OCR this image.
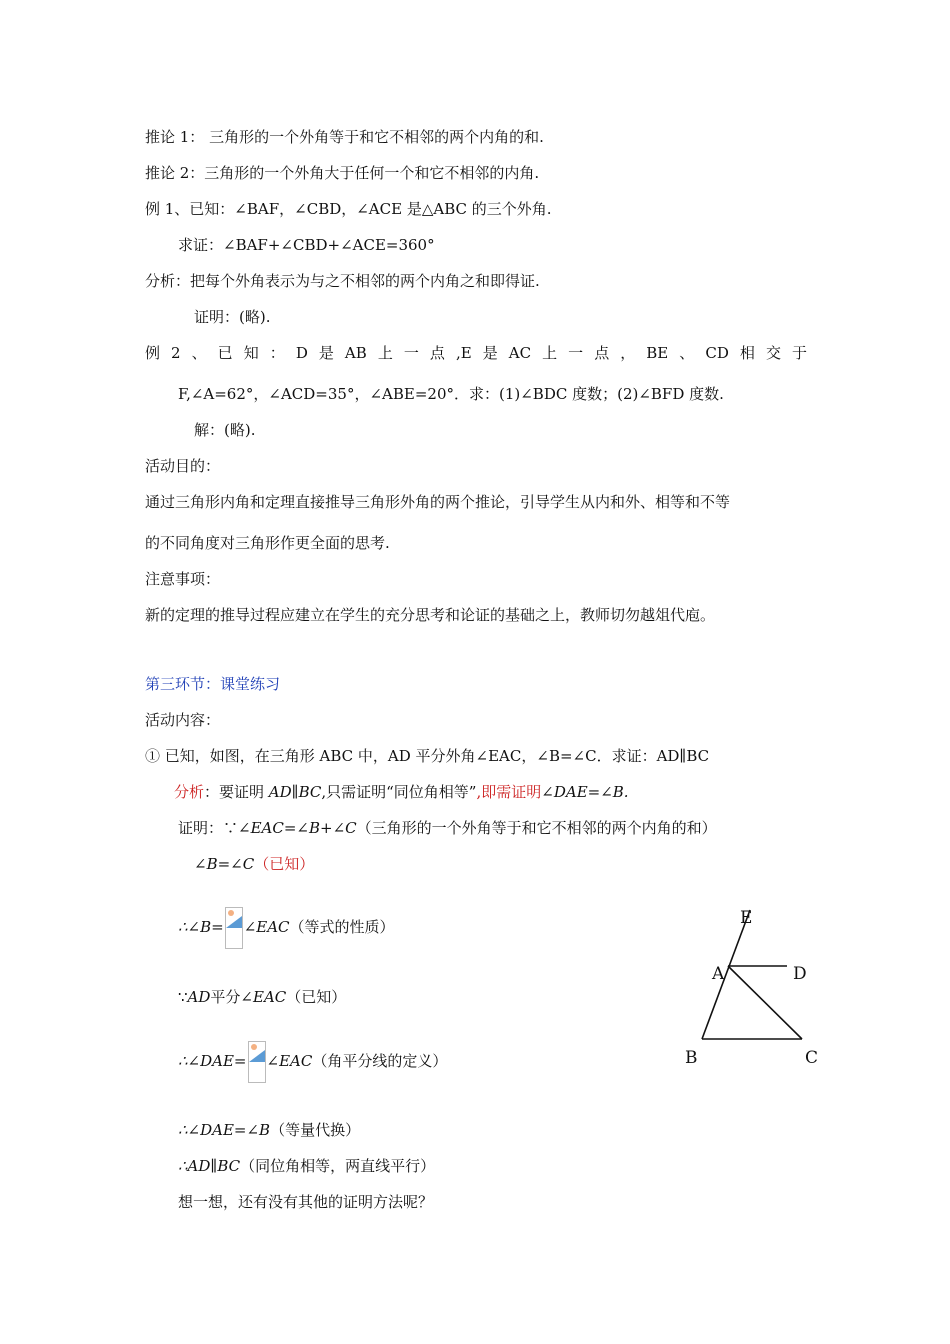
推论 1： 三角形的一个外角等于和它不相邻的两个内角的和.
推论 2：三角形的一个外角大于任何一个和它不相邻的内角.
例 1、已知：∠BAF，∠CBD，∠ACE 是△ABC 的三个外角.
求证：∠BAF+∠CBD+∠ACE=360°
分析：把每个外角表示为与之不相邻的两个内角之和即得证.
证明：(略).
例 2 、 已 知 ： D 是 AB 上 一 点 ,E 是 AC 上 一 点 ， BE 、 CD 相 交 于
F,∠A=62°，∠ACD=35°，∠ABE=20°．求：(1)∠BDC 度数；(2)∠BFD 度数.
解：(略).
活动目的：
通过三角形内角和定理直接推导三角形外角的两个推论，引导学生从内和外、相等和不等
的不同角度对三角形作更全面的思考.
注意事项：
新的定理的推导过程应建立在学生的充分思考和论证的基础之上，教师切勿越俎代庖。
第三环节：课堂练习
活动内容：
① 已知，如图，在三角形 ABC 中，AD 平分外角∠EAC，∠B=∠C．求证：AD∥BC
分析：要证明 AD∥BC,只需证明“同位角相等”,即需证明∠DAE=∠B.
证明：∵∠EAC=∠B+∠C（三角形的一个外角等于和它不相邻的两个内角的和）
∠B=∠C（已知）
∴∠B= ∠EAC（等式的性质）
∵AD平分∠EAC（已知）
∴∠DAE= ∠EAC（角平分线的定义）
∴∠DAE=∠B（等量代换）
∴AD∥BC（同位角相等，两直线平行）
想一想，还有没有其他的证明方法呢？
E
A	D
B	C
